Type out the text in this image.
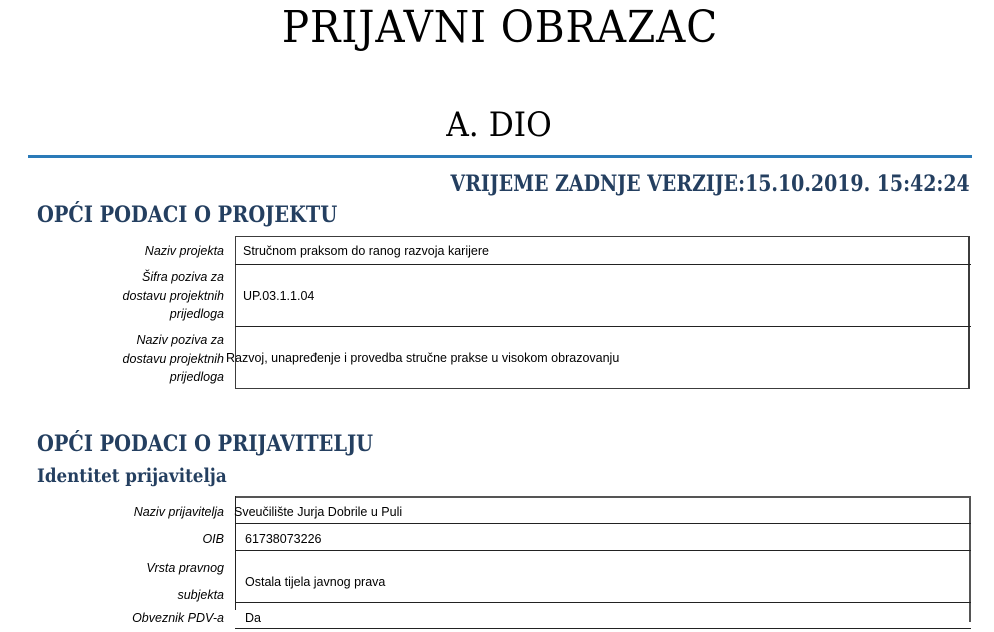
PRIJAVNI OBRAZAC
A. DIO
VRIJEME ZADNJE VERZIJE:15.10.2019. 15:42:24
OPĆI PODACI O PROJEKTU
Naziv projekta Stručnom praksom do ranog razvoja karijere
Šifra poziva za
dostavu projektnih
prijedloga
UP.03.1.1.04
Naziv poziva za
dostavu projektnih
prijedloga
Razvoj, unapređenje i provedba stručne prakse u visokom obrazovanju
OPĆI PODACI O PRIJAVITELJU
Identitet prijavitelja
Naziv prijavitelja Sveučilište Jurja Dobrile u Puli
OIB 61738073226
Vrsta pravnog
subjekta
Ostala tijela javnog prava
Obveznik PDV-a Da
